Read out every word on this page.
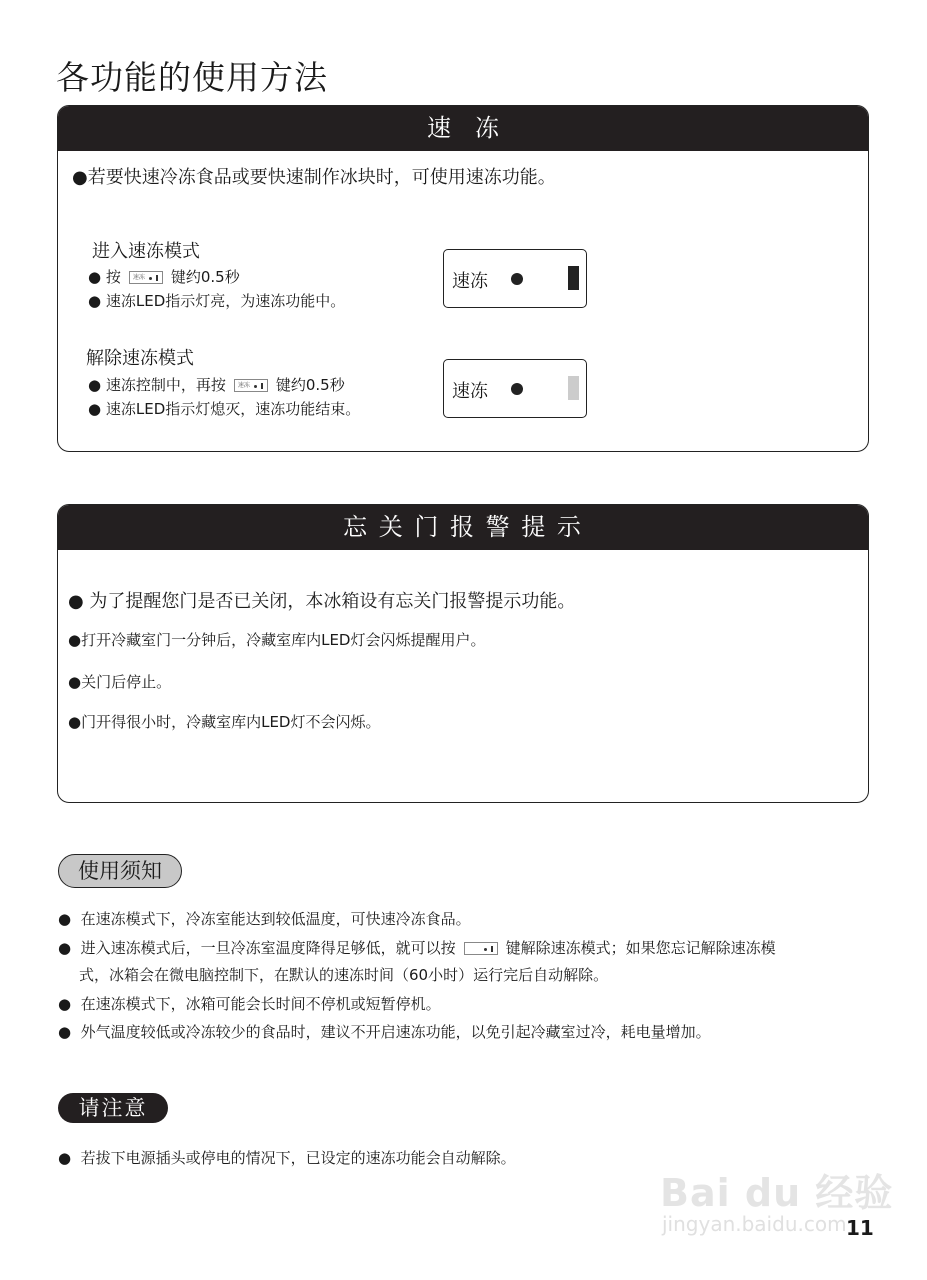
各功能的使用方法
速　冻
●若要快速冷冻食品或要快速制作冰块时，可使用速冻功能。
进入速冻模式
● 按 速冻 键约0.5秒
● 速冻LED指示灯亮，为速冻功能中。
解除速冻模式
● 速冻控制中，再按 速冻 键约0.5秒
● 速冻LED指示灯熄灭，速冻功能结束。
速冻
速冻
忘 关 门 报 警 提 示
● 为了提醒您门是否已关闭，本冰箱设有忘关门报警提示功能。
●打开冷藏室门一分钟后，冷藏室库内LED灯会闪烁提醒用户。
●关门后停止。
●门开得很小时，冷藏室库内LED灯不会闪烁。
使用须知
●  在速冻模式下，冷冻室能达到较低温度，可快速冷冻食品。
●  进入速冻模式后，一旦冷冻室温度降得足够低，就可以按	键解除速冻模式；如果您忘记解除速冻模
式，冰箱会在微电脑控制下，在默认的速冻时间（60小时）运行完后自动解除。
●  在速冻模式下，冰箱可能会长时间不停机或短暂停机。
●  外气温度较低或冷冻较少的食品时，建议不开启速冻功能，以免引起冷藏室过冷，耗电量增加。
请注意
●  若拔下电源插头或停电的情况下，已设定的速冻功能会自动解除。
Bai du 经验
jingyan.baidu.com 11
